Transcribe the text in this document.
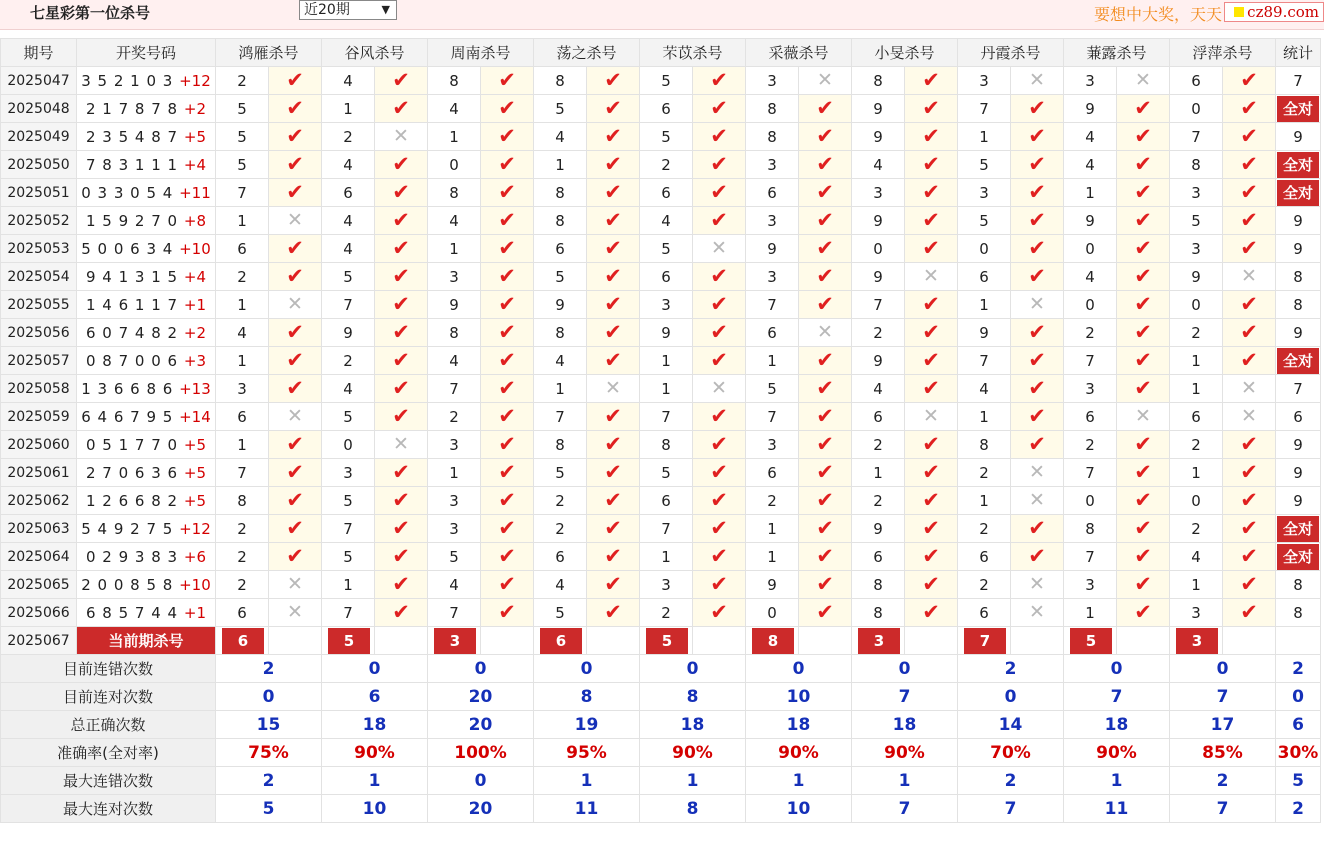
七星彩第一位杀号	近20期	▼	要想中大奖，天天	cz89.com
期号	开奖号码	鸿雁杀号		谷风杀号		周南杀号		荡之杀号		芣苡杀号		采薇杀号		小旻杀号		丹霞杀号		蒹露杀号		浮萍杀号		统计
2025047	3 5 2 1 0 3 +12	2	✔	4	✔	8	✔	8	✔	5	✔	3	✕	8	✔	3	✕	3	✕	6	✔	7
2025048	2 1 7 8 7 8 +2	5	✔	1	✔	4	✔	5	✔	6	✔	8	✔	9	✔	7	✔	9	✔	0	✔	全对

2025049	2 3 5 4 8 7 +5	5	✔	2	✕	1	✔	4	✔	5	✔	8	✔	9	✔	1	✔	4	✔	7	✔	9
2025050	7 8 3 1 1 1 +4	5	✔	4	✔	0	✔	1	✔	2	✔	3	✔	4	✔	5	✔	4	✔	8	✔	全对

2025051	0 3 3 0 5 4 +11	7	✔	6	✔	8	✔	8	✔	6	✔	6	✔	3	✔	3	✔	1	✔	3	✔	全对

2025052	1 5 9 2 7 0 +8	1	✕	4	✔	4	✔	8	✔	4	✔	3	✔	9	✔	5	✔	9	✔	5	✔	9
2025053	5 0 0 6 3 4 +10	6	✔	4	✔	1	✔	6	✔	5	✕	9	✔	0	✔	0	✔	0	✔	3	✔	9
2025054	9 4 1 3 1 5 +4	2	✔	5	✔	3	✔	5	✔	6	✔	3	✔	9	✕	6	✔	4	✔	9	✕	8
2025055	1 4 6 1 1 7 +1	1	✕	7	✔	9	✔	9	✔	3	✔	7	✔	7	✔	1	✕	0	✔	0	✔	8
2025056	6 0 7 4 8 2 +2	4	✔	9	✔	8	✔	8	✔	9	✔	6	✕	2	✔	9	✔	2	✔	2	✔	9
2025057	0 8 7 0 0 6 +3	1	✔	2	✔	4	✔	4	✔	1	✔	1	✔	9	✔	7	✔	7	✔	1	✔	全对

2025058	1 3 6 6 8 6 +13	3	✔	4	✔	7	✔	1	✕	1	✕	5	✔	4	✔	4	✔	3	✔	1	✕	7
2025059	6 4 6 7 9 5 +14	6	✕	5	✔	2	✔	7	✔	7	✔	7	✔	6	✕	1	✔	6	✕	6	✕	6
2025060	0 5 1 7 7 0 +5	1	✔	0	✕	3	✔	8	✔	8	✔	3	✔	2	✔	8	✔	2	✔	2	✔	9
2025061	2 7 0 6 3 6 +5	7	✔	3	✔	1	✔	5	✔	5	✔	6	✔	1	✔	2	✕	7	✔	1	✔	9
2025062	1 2 6 6 8 2 +5	8	✔	5	✔	3	✔	2	✔	6	✔	2	✔	2	✔	1	✕	0	✔	0	✔	9
2025063	5 4 9 2 7 5 +12	2	✔	7	✔	3	✔	2	✔	7	✔	1	✔	9	✔	2	✔	8	✔	2	✔	全对

2025064	0 2 9 3 8 3 +6	2	✔	5	✔	5	✔	6	✔	1	✔	1	✔	6	✔	6	✔	7	✔	4	✔	全对

2025065	2 0 0 8 5 8 +10	2	✕	1	✔	4	✔	4	✔	3	✔	9	✔	8	✔	2	✕	3	✔	1	✔	8
2025066	6 8 5 7 4 4 +1	6	✕	7	✔	7	✔	5	✔	2	✔	0	✔	8	✔	6	✕	1	✔	3	✔	8
2025067	当前期杀号	6		5		3		6		5		8		3		7		5		3		

目前连错次数		2		0		0		0		0		0		0		2		0		0		2
目前连对次数		0		6		20		8		8		10		7		0		7		7		0
总正确次数		15		18		20		19		18		18		18		14		18		17		6
准确率(全对率)		75%		90%		100%		95%		90%		90%		90%		70%		90%		85%		30%
最大连错次数		2		1		0		1		1		1		1		2		1		2		5
最大连对次数		5		10		20		11		8		10		7		7		11		7		2
